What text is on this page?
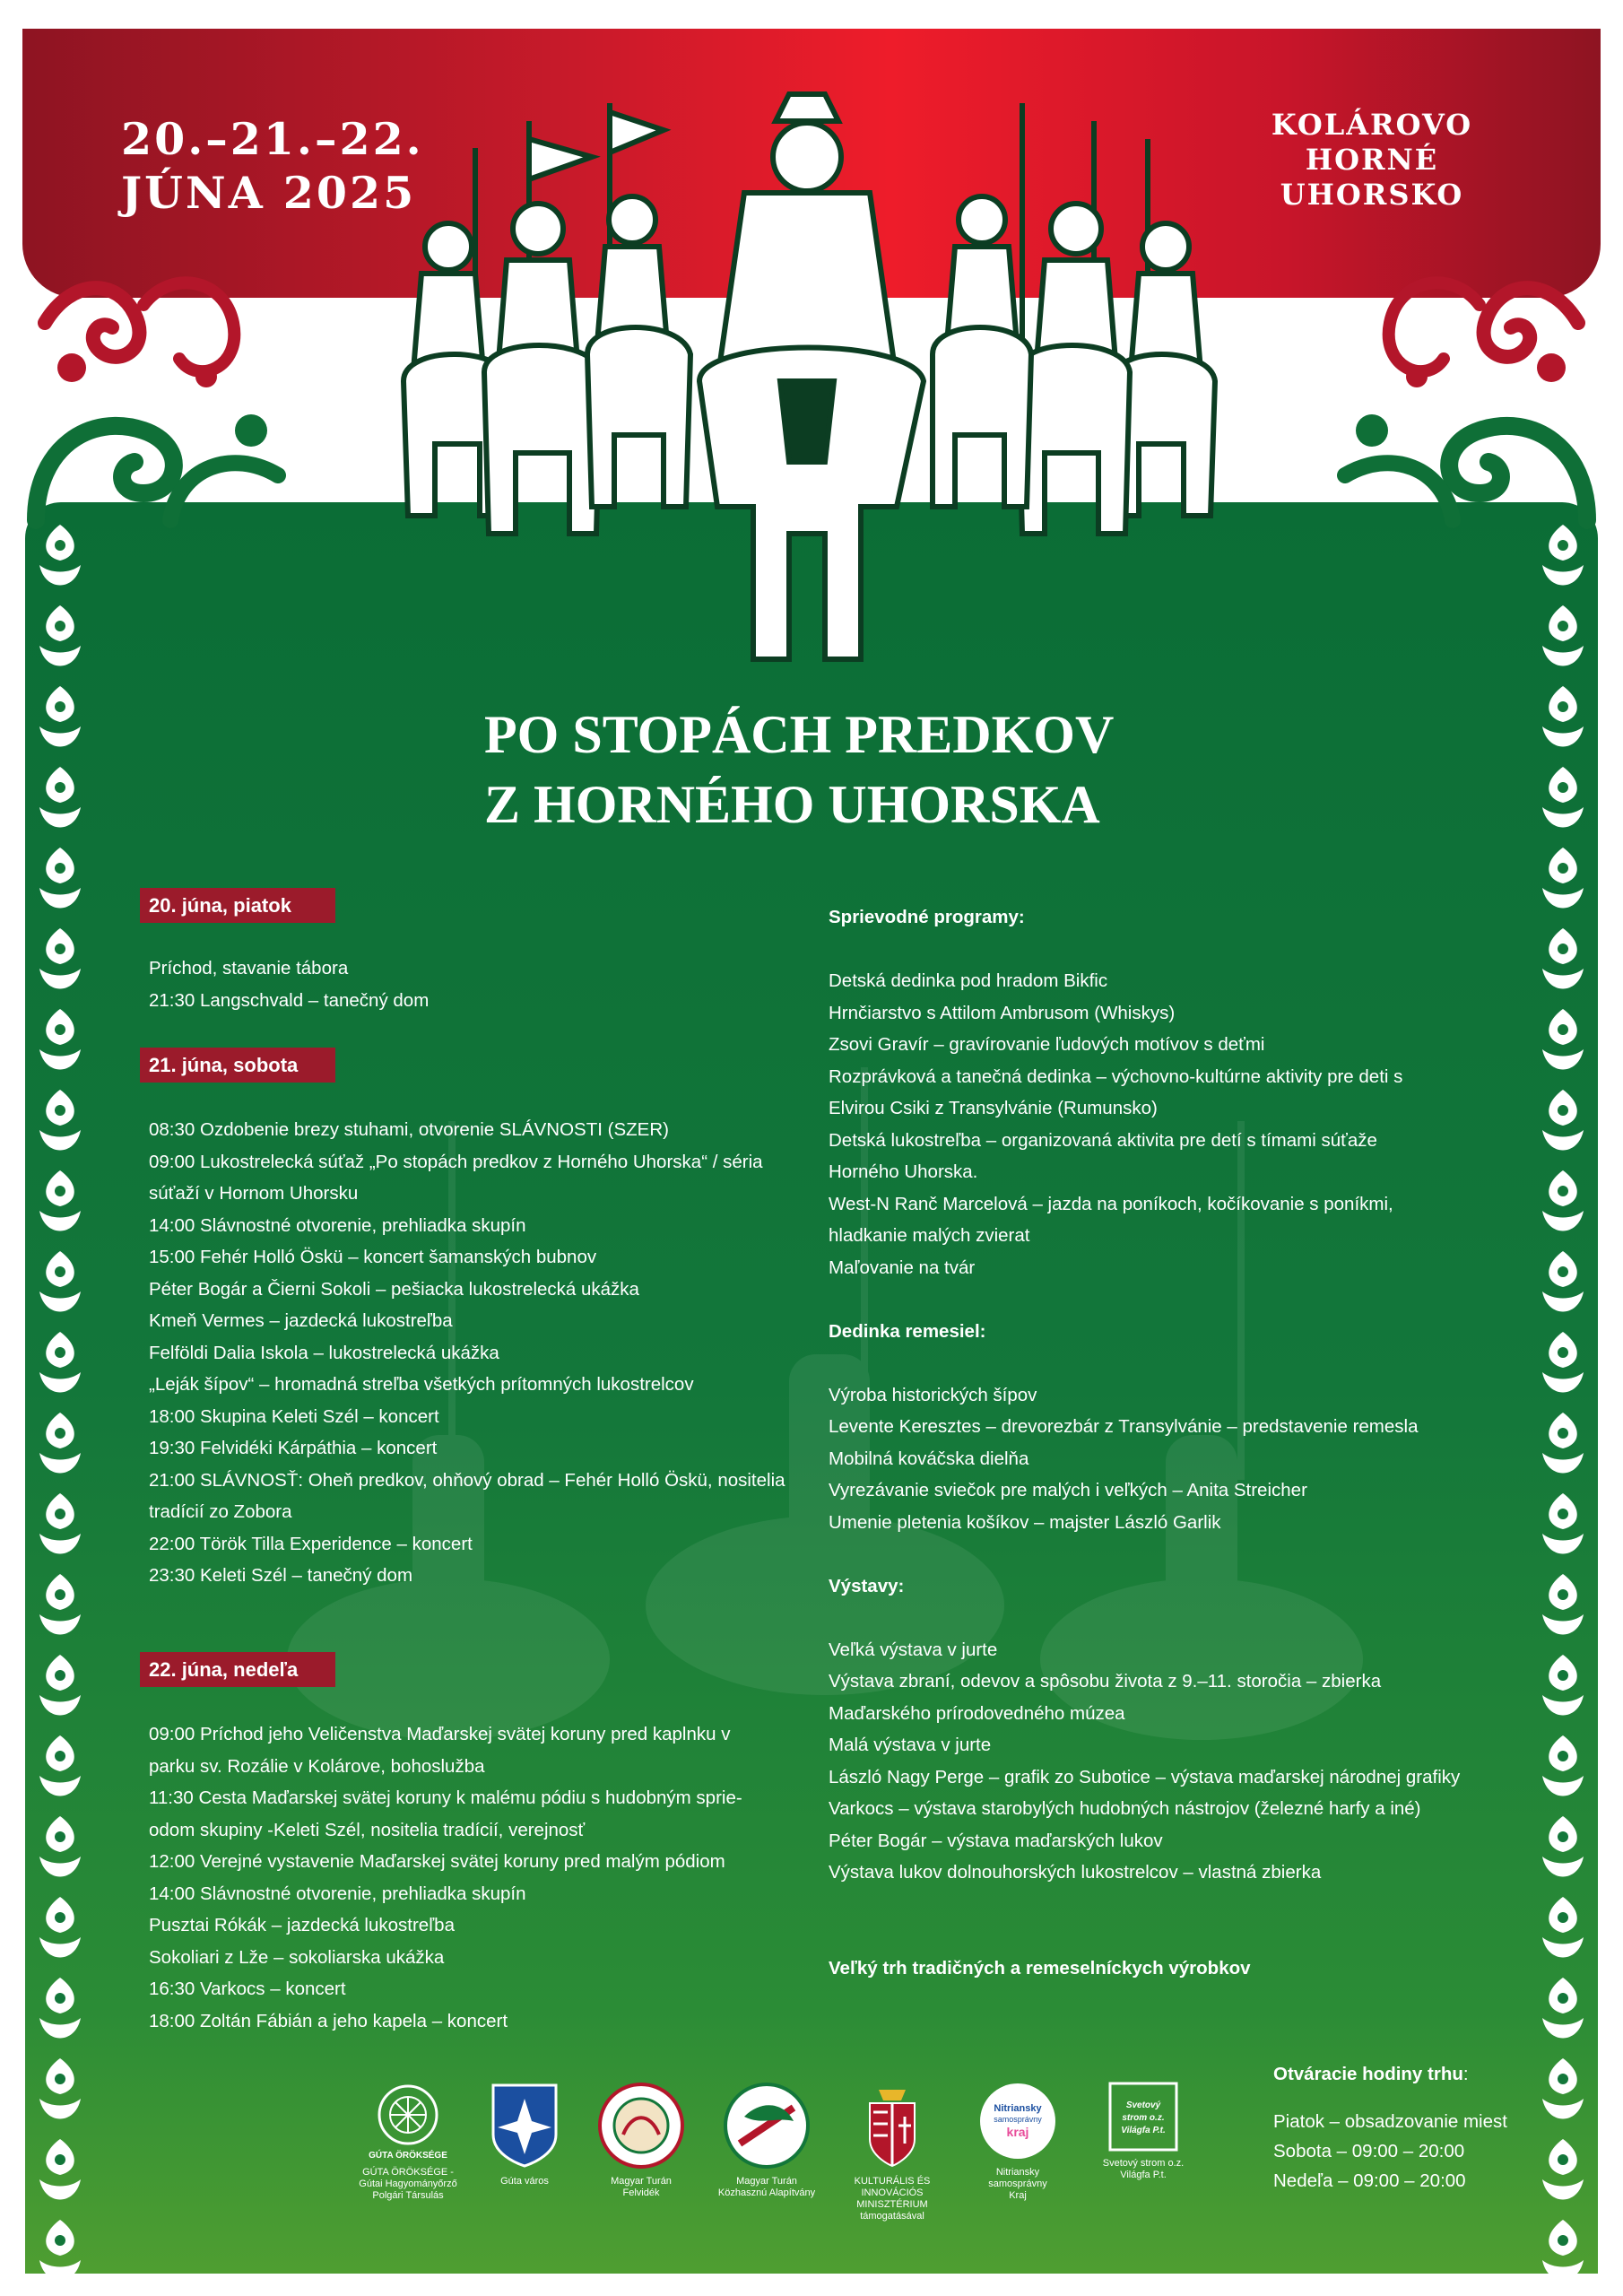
20.–21.–22.
JÚNA 2025
KOLÁROVO
HORNÉ
UHORSKO
PO STOPÁCH PREDKOV
Z HORNÉHO UHORSKA
20. júna, piatok
21. júna, sobota
22. júna, nedeľa
Príchod, stavanie tábora
21:30 Langschvald – tanečný dom
08:30 Ozdobenie brezy stuhami, otvorenie SLÁVNOSTI (SZER)
09:00 Lukostrelecká súťaž „Po stopách predkov z Horného Uhorska“ / séria
súťaží v Hornom Uhorsku
14:00 Slávnostné otvorenie, prehliadka skupín
15:00 Fehér Holló Öskü – koncert šamanských bubnov
Péter Bogár a Čierni Sokoli – pešiacka lukostrelecká ukážka
Kmeň Vermes – jazdecká lukostreľba
Felföldi Dalia Iskola – lukostrelecká ukážka
„Leják šípov“ – hromadná streľba všetkých prítomných lukostrelcov
18:00 Skupina Keleti Szél – koncert
19:30 Felvidéki Kárpáthia – koncert
21:00 SLÁVNOSŤ: Oheň predkov, ohňový obrad – Fehér Holló Öskü, nositelia
tradícií zo Zobora
22:00 Török Tilla Experidence – koncert
23:30 Keleti Szél – tanečný dom
09:00 Príchod jeho Veličenstva Maďarskej svätej koruny pred kaplnku v
parku sv. Rozálie v Kolárove, bohoslužba
11:30 Cesta Maďarskej svätej koruny k malému pódiu s hudobným sprie-
odom skupiny -Keleti Szél, nositelia tradícií, verejnosť
12:00 Verejné vystavenie Maďarskej svätej koruny pred malým pódiom
14:00 Slávnostné otvorenie, prehliadka skupín
Pusztai Rókák – jazdecká lukostreľba
Sokoliari z Lže – sokoliarska ukážka
16:30 Varkocs – koncert
18:00 Zoltán Fábián a jeho kapela – koncert
Sprievodné programy:

Detská dedinka pod hradom Bikfic
Hrnčiarstvo s Attilom Ambrusom (Whiskys)
Zsovi Gravír – gravírovanie ľudových motívov s deťmi
Rozprávková a tanečná dedinka – výchovno-kultúrne aktivity pre deti s
Elvirou Csiki z Transylvánie (Rumunsko)
Detská lukostreľba – organizovaná aktivita pre detí s tímami súťaže
Horného Uhorska.
West-N Ranč Marcelová – jazda na poníkoch, kočíkovanie s poníkmi,
hladkanie malých zvierat
Maľovanie na tvár

Dedinka remesiel:

Výroba historických šípov
Levente Keresztes – drevorezbár z Transylvánie – predstavenie remesla
Mobilná kováčska dielňa
Vyrezávanie sviečok pre malých i veľkých – Anita Streicher
Umenie pletenia košíkov – majster László Garlik

Výstavy:

Veľká výstava v jurte
Výstava zbraní, odevov a spôsobu života z 9.–11. storočia – zbierka
Maďarského prírodovedného múzea
Malá výstava v jurte
László Nagy Perge – grafik zo Subotice – výstava maďarskej národnej grafiky
Varkocs – výstava starobylých hudobných nástrojov (železné harfy a iné)
Péter Bogár – výstava maďarských lukov
Výstava lukov dolnouhorských lukostrelcov – vlastná zbierka

Veľký trh tradičných a remeselníckych výrobkov
Otváracie hodiny trhu:
Piatok – obsadzovanie miest
Sobota – 09:00 – 20:00
Nedeľa – 09:00 – 20:00
GÚTA ÖRÖKSÉGE
GÚTA ÖRÖKSÉGE -
Gútai Hagyományőrző
Polgári Társulás
Gúta város	Magyar Turán
Felvidék
Magyar Turán
Közhasznú Alapítvány
KULTURÁLIS ÉS INNOVÁCIÓS
MINISZTÉRIUM
támogatásával
Nitriansky
samosprávny
kraj
Nitriansky
samosprávny
Kraj
Svetový
strom o.z.
Világfa P.t.
Svetový strom o.z.
Világfa P.t.
